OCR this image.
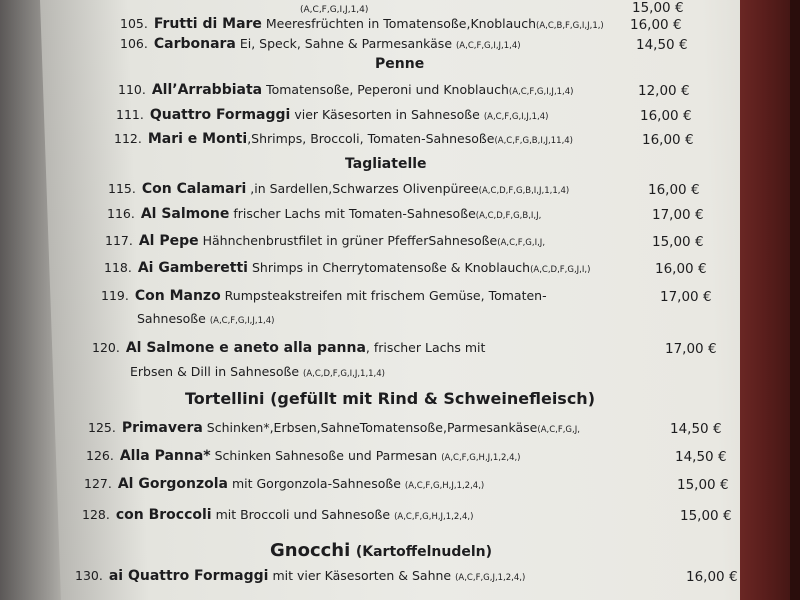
(A,C,F,G,I,J,1,4)	15,00 €
Penne
Tagliatelle
Tortellini (gefüllt mit Rind & Schweinefleisch)
Gnocchi (Kartoffelnudeln)
105. Frutti di Mare Meeresfrüchten in Tomatensoße,Knoblauch(A,C,B,F,G,I,J,1,) 16,00 €
106. Carbonara Ei, Speck, Sahne & Parmesankäse (A,C,F,G,I,J,1,4)	14,50 €
110. All’Arrabbiata Tomatensoße, Peperoni und Knoblauch(A,C,F,G,I,J,1,4)	12,00 €
111. Quattro Formaggi vier Käsesorten in Sahnesoße (A,C,F,G,I,J,1,4)	16,00 €
112. Mari e Monti,Shrimps, Broccoli, Tomaten-Sahnesoße(A,C,F,G,B,I,J,11,4)	16,00 €
115. Con Calamari ,in Sardellen,Schwarzes Olivenpüree(A,C,D,F,G,B,I,J,1,1,4)	16,00 €
116. Al Salmone frischer Lachs mit Tomaten-Sahnesoße(A,C,D,F,G,B,I,J,	17,00 €
117. Al Pepe Hähnchenbrustfilet in grüner PfefferSahnesoße(A,C,F,G,I,J,	15,00 €
118. Ai Gamberetti Shrimps in Cherrytomatensoße & Knoblauch(A,C,D,F,G,J,I,)	16,00 €
119. Con Manzo Rumpsteakstreifen mit frischem Gemüse, Tomaten-	17,00 €
Sahnesoße (A,C,F,G,I,J,1,4)
120. Al Salmone e aneto alla panna, frischer Lachs mit	17,00 €
Erbsen & Dill in Sahnesoße (A,C,D,F,G,I,J,1,1,4)
125. Primavera Schinken*,Erbsen,SahneTomatensoße,Parmesankäse(A,C,F,G,J,	14,50 €
126. Alla Panna* Schinken Sahnesoße und Parmesan (A,C,F,G,H,J,1,2,4,)	14,50 €
127. Al Gorgonzola mit Gorgonzola-Sahnesoße (A,C,F,G,H,J,1,2,4,)	15,00 €
128. con Broccoli mit Broccoli und Sahnesoße (A,C,F,G,H,J,1,2,4,)	15,00 €
130. ai Quattro Formaggi mit vier Käsesorten & Sahne (A,C,F,G,J,1,2,4,)	16,00 €
